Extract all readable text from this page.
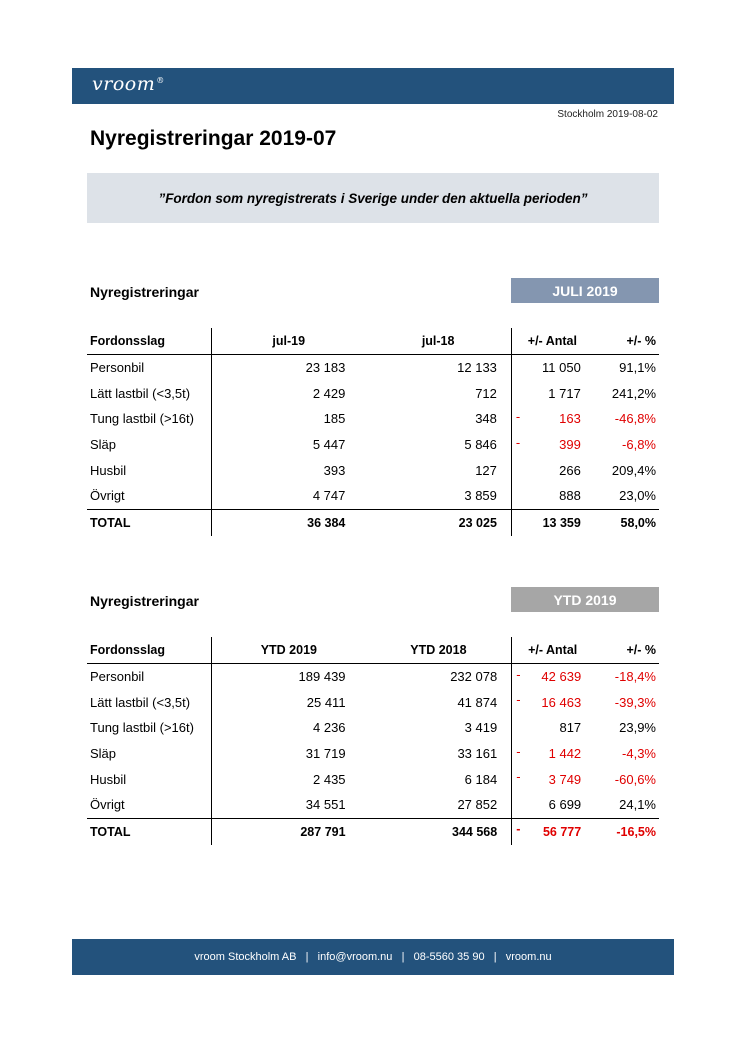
vroom®
Stockholm 2019-08-02
Nyregistreringar 2019-07
”Fordon som nyregistrerats i Sverige under den aktuella perioden”
Nyregistreringar	JULI 2019
Fordonsslag	jul-19	jul-18	+/- Antal	+/- %
Personbil	23 183	12 133	11 050	91,1%
Lätt lastbil (<3,5t)	2 429	712	1 717	241,2%
Tung lastbil (>16t)	185	348	- 163	-46,8%
Släp	5 447	5 846	- 399	-6,8%
Husbil	393	127	266	209,4%
Övrigt	4 747	3 859	888	23,0%
TOTAL	36 384	23 025	13 359	58,0%
Nyregistreringar	YTD 2019
Fordonsslag	YTD 2019	YTD 2018	+/- Antal	+/- %
Personbil	189 439	232 078	- 42 639	-18,4%
Lätt lastbil (<3,5t)	25 411	41 874	- 16 463	-39,3%
Tung lastbil (>16t)	4 236	3 419	817	23,9%
Släp	31 719	33 161	- 1 442	-4,3%
Husbil	2 435	6 184	- 3 749	-60,6%
Övrigt	34 551	27 852	6 699	24,1%
TOTAL	287 791	344 568	- 56 777	-16,5%
vroom Stockholm AB   |   info@vroom.nu   |   08-5560 35 90   |   vroom.nu
